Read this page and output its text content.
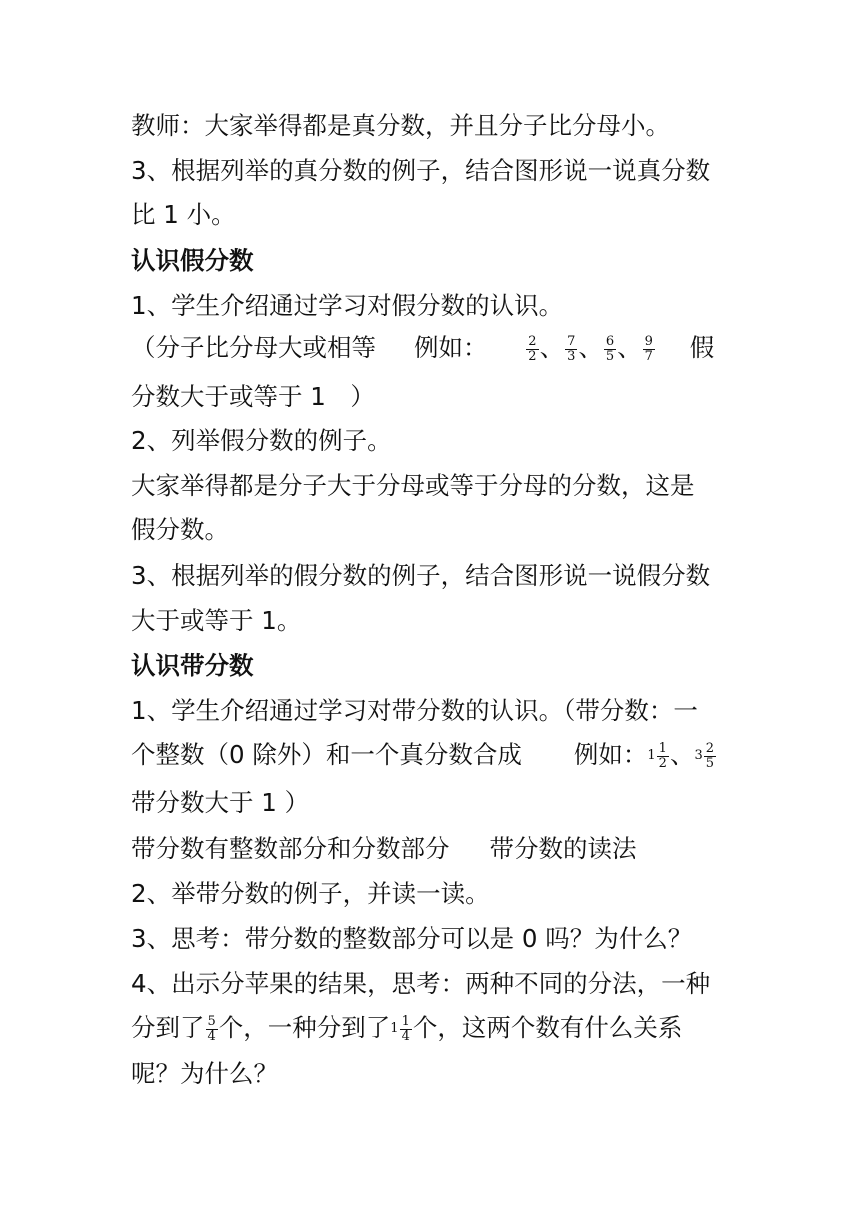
教师：大家举得都是真分数，并且分子比分母小。
3、根据列举的真分数的例子，结合图形说一说真分数
比 1 小。
认识假分数
1、学生介绍通过学习对假分数的认识。
（分子比分母大或相等 例如：	$\frac{2}{2}$ 、 $\frac{7}{3}$ 、 $\frac{6}{5}$ 、 $\frac{9}{7}$ 假
分数大于或等于 1　）
2、列举假分数的例子。
大家举得都是分子大于分母或等于分母的分数，这是
假分数。
3、根据列举的假分数的例子，结合图形说一说假分数
大于或等于 1。
认识带分数
1、学生介绍通过学习对带分数的认识。（带分数：一
个整数（0 除外）和一个真分数合成 例如：$1 \frac{1}{2}$ 、$3 \frac{2}{5}$
带分数大于 1 ）
带分数有整数部分和分数部分 带分数的读法
2、举带分数的例子，并读一读。
3、思考：带分数的整数部分可以是 0 吗？为什么？
4、出示分苹果的结果，思考：两种不同的分法，一种
分到了 $\frac{5}{4}$ 个，一种分到了$1 \frac{1}{4}$ 个，这两个数有什么关系
呢？为什么？
